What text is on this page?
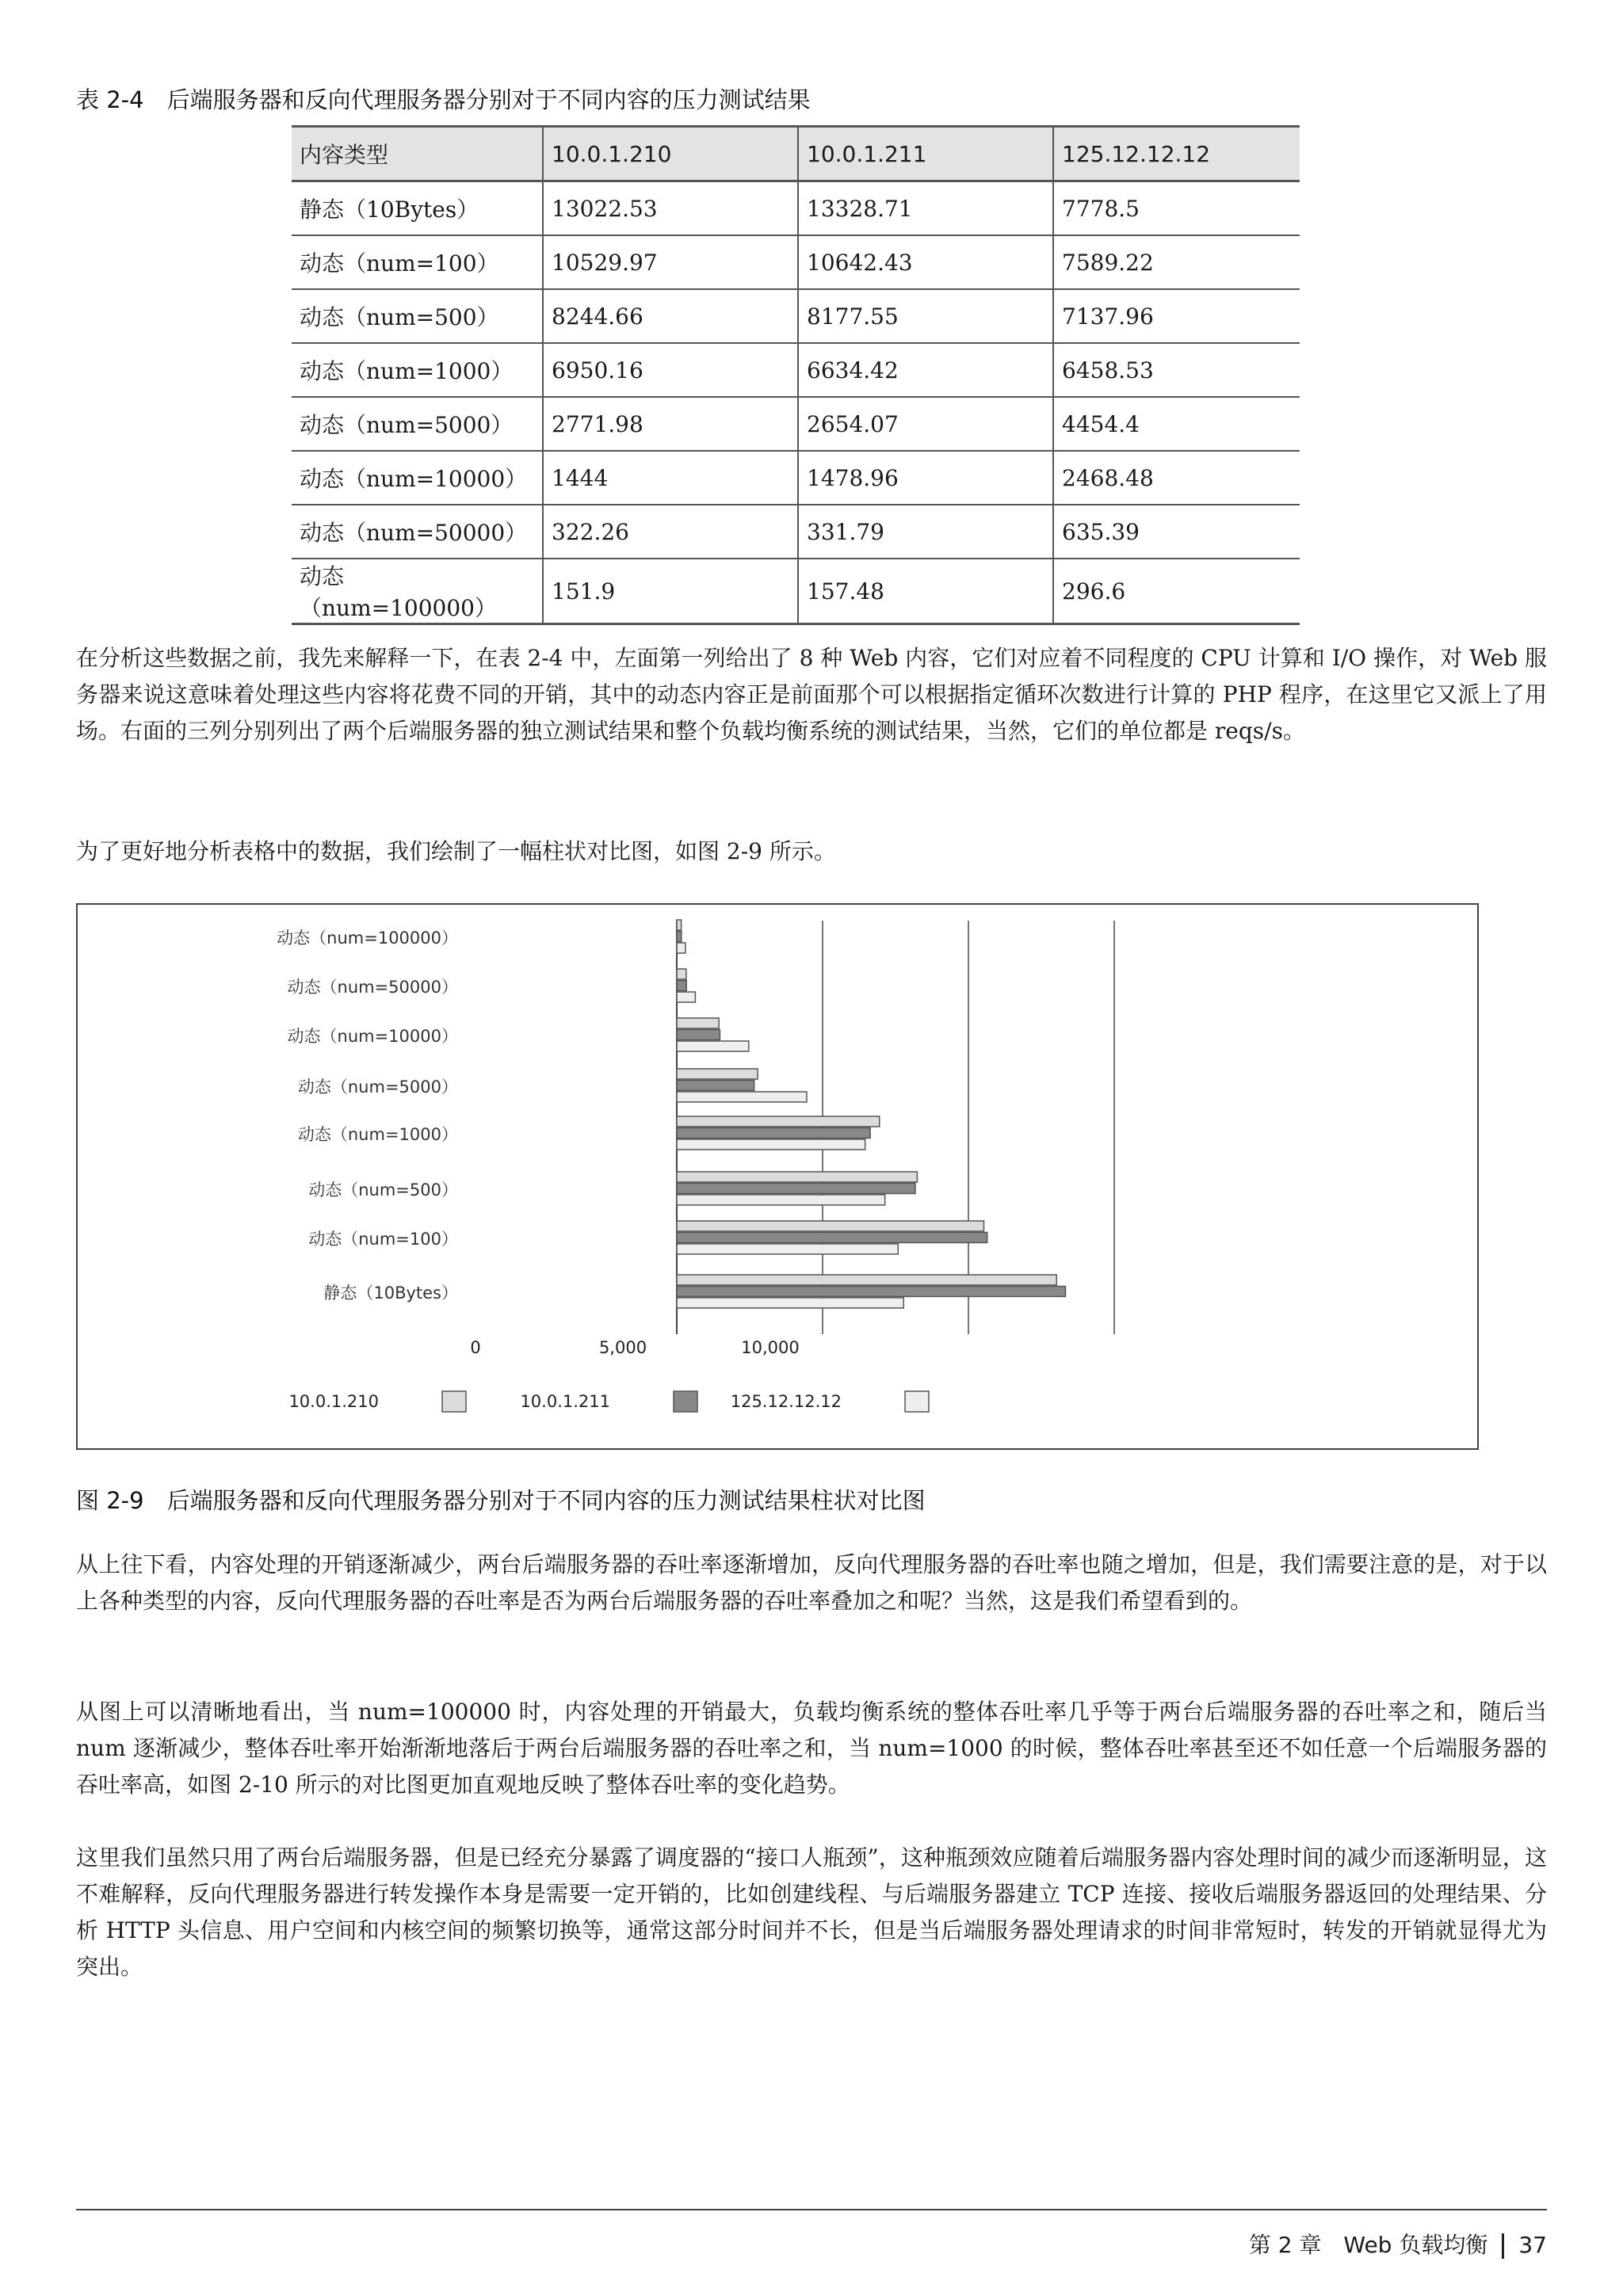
表 2-4　后端服务器和反向代理服务器分别对于不同内容的压力测试结果
内容类型	10.0.1.210	10.0.1.211	125.12.12.12
静态（10Bytes）	13022.53	13328.71	7778.5
动态（num=100）	10529.97	10642.43	7589.22
动态（num=500）	8244.66	8177.55	7137.96
动态（num=1000）	6950.16	6634.42	6458.53
动态（num=5000）	2771.98	2654.07	4454.4
动态（num=10000）	1444	1478.96	2468.48
动态（num=50000）	322.26	331.79	635.39
动态（num=100000）	151.9	157.48	296.6

在分析这些数据之前，我先来解释一下，在表 2-4 中，左面第一列给出了 8 种 Web 内容，它们对应着不同程度的 CPU 计算和 I/O 操作，对 Web 服务器来说这意味着处理这些内容将花费不同的开销，其中的动态内容正是前面那个可以根据指定循环次数进行计算的 PHP 程序，在这里它又派上了用场。右面的三列分别列出了两个后端服务器的独立测试结果和整个负载均衡系统的测试结果，当然，它们的单位都是 reqs/s。

为了更好地分析表格中的数据，我们绘制了一幅柱状对比图，如图 2-9 所示。

动态（num=100000）
动态（num=50000）
动态（num=10000）
动态（num=5000）
动态（num=1000）
动态（num=500）
动态（num=100）
静态（10Bytes）
0	5,000	10,000
10.0.1.210	10.0.1.211	125.12.12.12
图 2-9　后端服务器和反向代理服务器分别对于不同内容的压力测试结果柱状对比图

从上往下看，内容处理的开销逐渐减少，两台后端服务器的吞吐率逐渐增加，反向代理服务器的吞吐率也随之增加，但是，我们需要注意的是，对于以上各种类型的内容，反向代理服务器的吞吐率是否为两台后端服务器的吞吐率叠加之和呢？当然，这是我们希望看到的。

从图上可以清晰地看出，当 num=100000 时，内容处理的开销最大，负载均衡系统的整体吞吐率几乎等于两台后端服务器的吞吐率之和，随后当 num 逐渐减少，整体吞吐率开始渐渐地落后于两台后端服务器的吞吐率之和，当 num=1000 的时候，整体吞吐率甚至还不如任意一个后端服务器的吞吐率高，如图 2-10 所示的对比图更加直观地反映了整体吞吐率的变化趋势。

这里我们虽然只用了两台后端服务器，但是已经充分暴露了调度器的“接口人瓶颈”，这种瓶颈效应随着后端服务器内容处理时间的减少而逐渐明显，这不难解释，反向代理服务器进行转发操作本身是需要一定开销的，比如创建线程、与后端服务器建立 TCP 连接、接收后端服务器返回的处理结果、分析 HTTP 头信息、用户空间和内核空间的频繁切换等，通常这部分时间并不长，但是当后端服务器处理请求的时间非常短时，转发的开销就显得尤为突出。

第 2 章　Web 负载均衡 37
